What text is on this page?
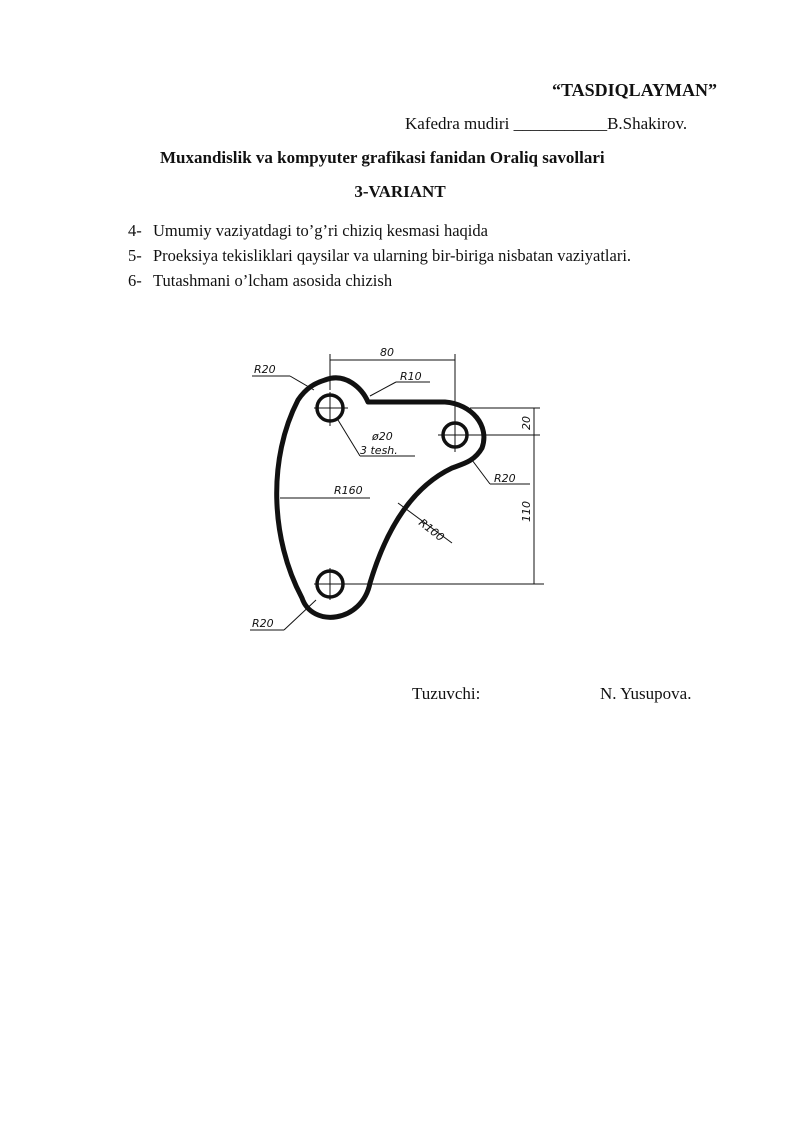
“TASDIQLAYMAN”
Kafedra mudiri ___________B.Shakirov.
Muxandislik va kompyuter grafikasi fanidan Oraliq savollari
3-VARIANT
4- Umumiy vaziyatdagi to’g’ri chiziq kesmasi haqida
5- Proeksiya tekisliklari qaysilar va ularning bir-biriga nisbatan vaziyatlari.
6- Tutashmani o’lcham asosida chizish
80
R20
R10
ø20
3 tesh.
20
R20
R160
R100
110
R20
Tuzuvchi:	N. Yusupova.
